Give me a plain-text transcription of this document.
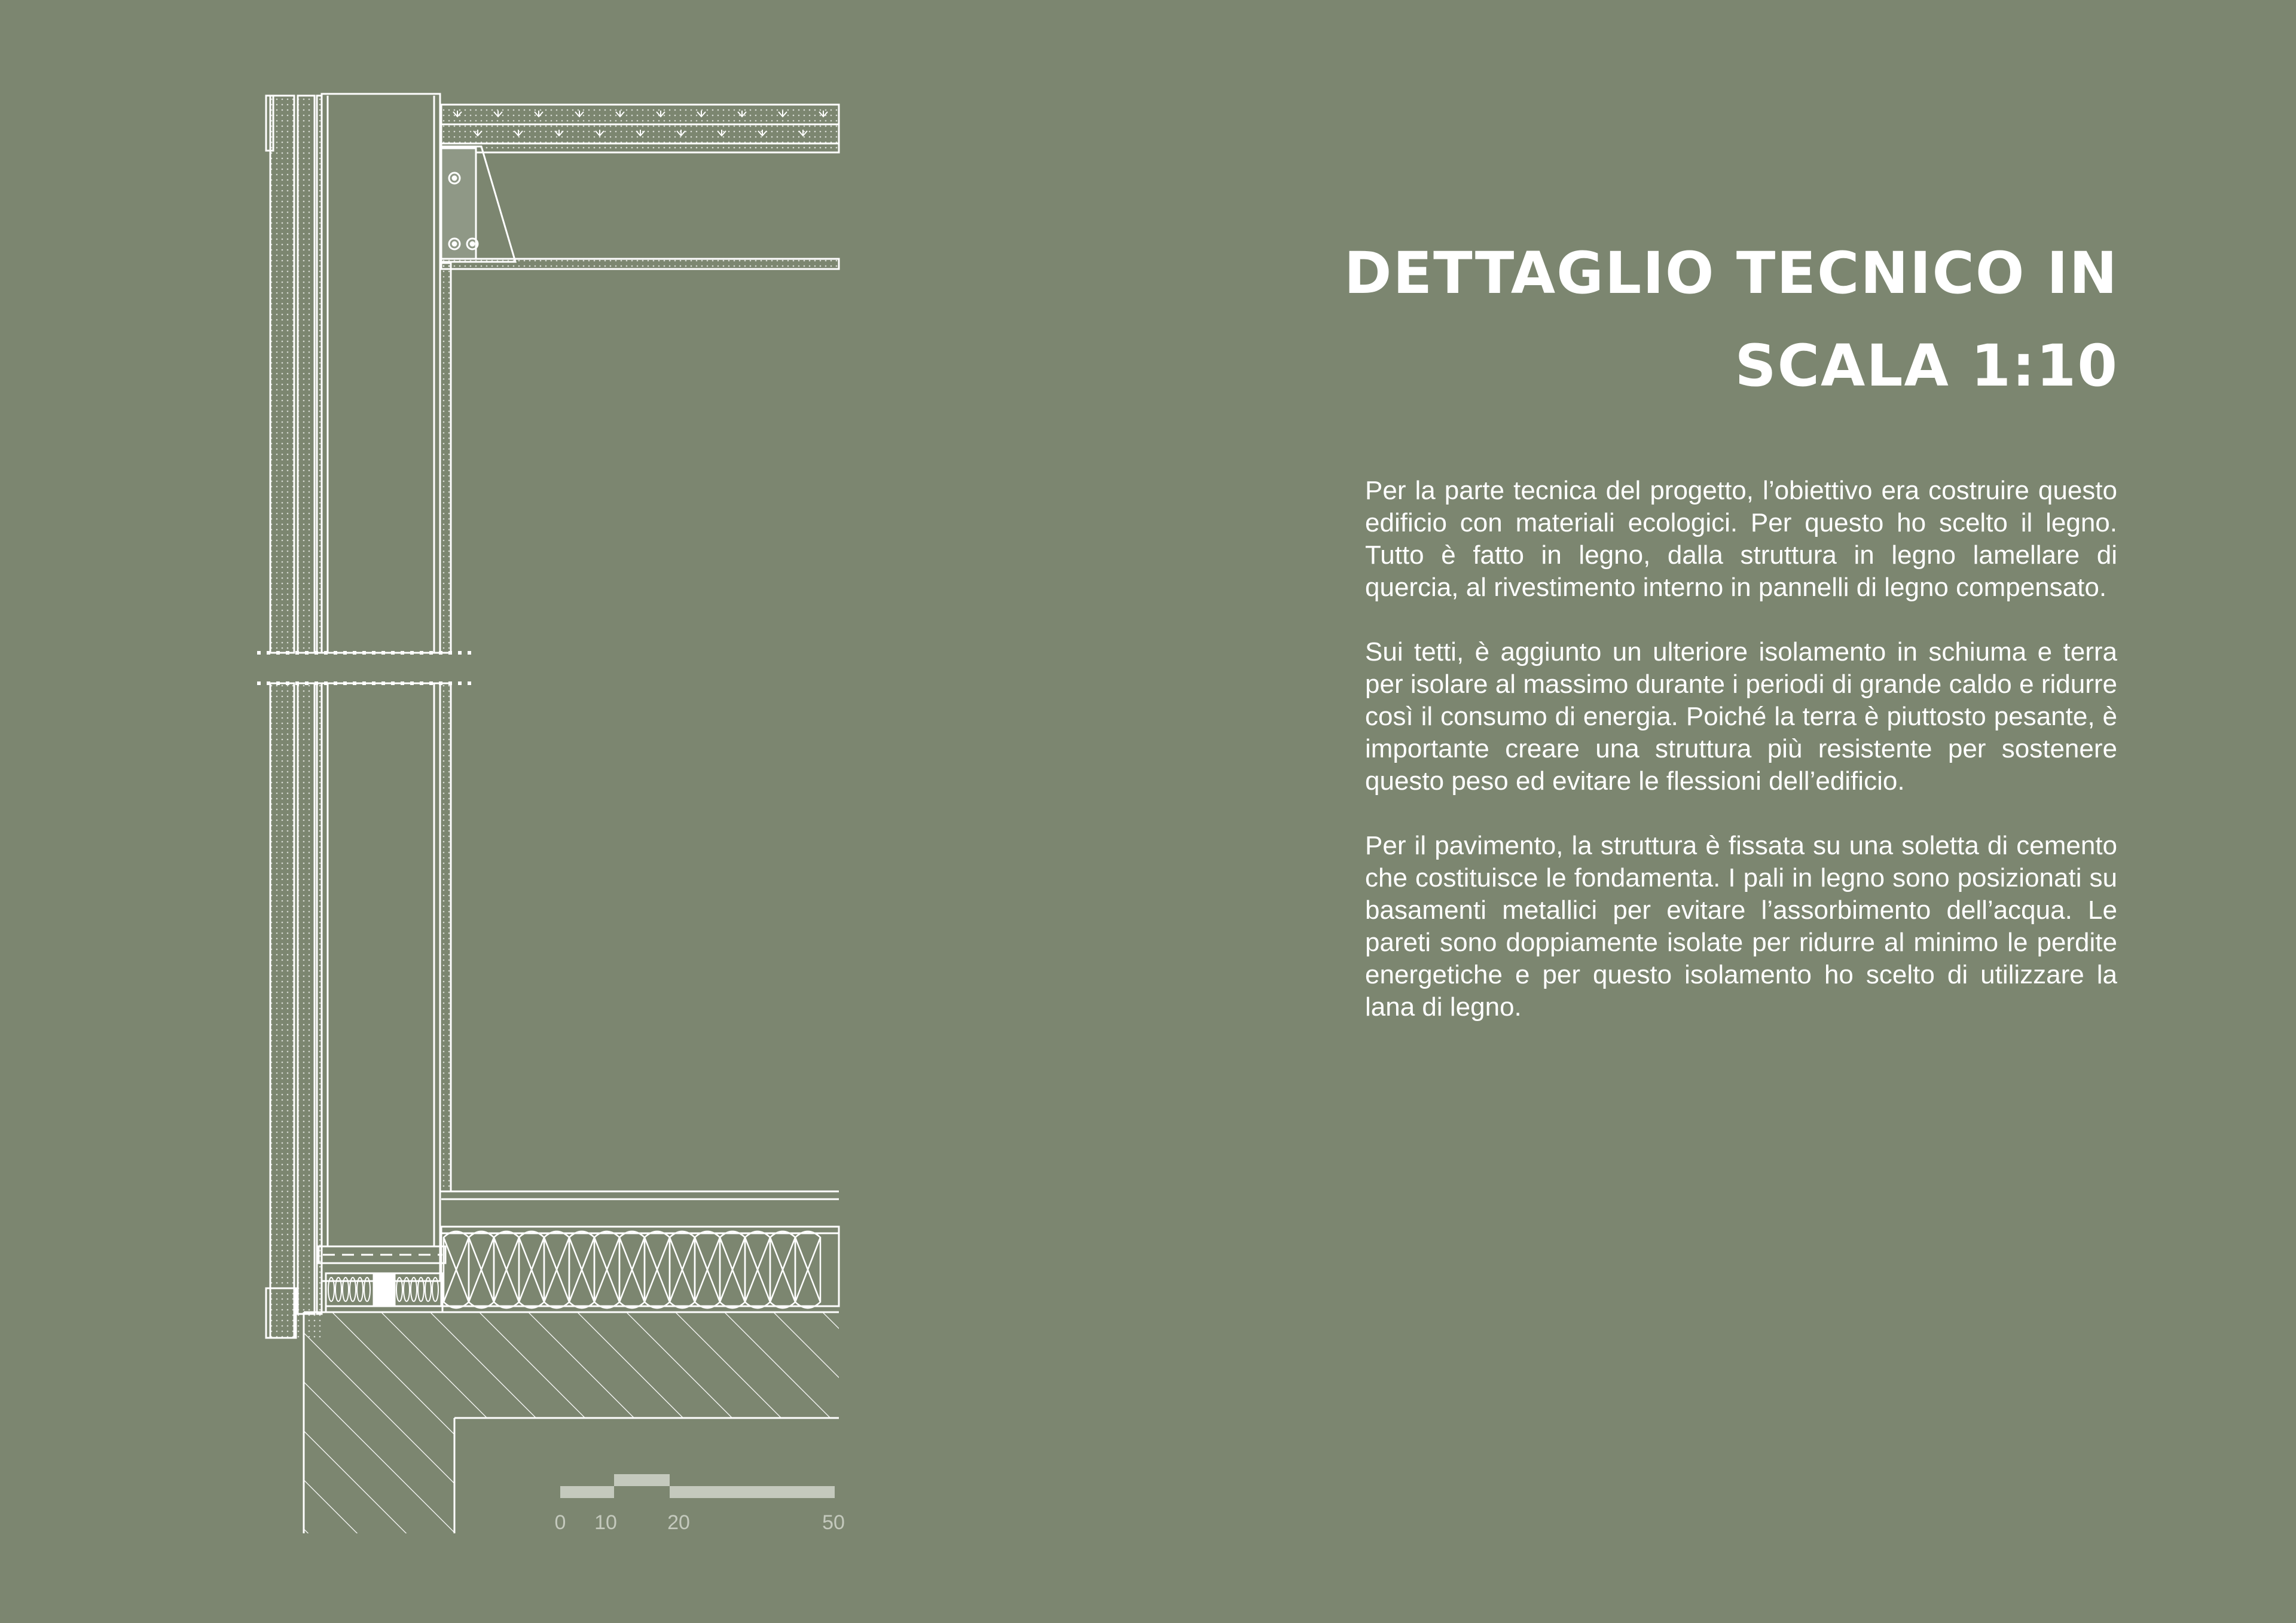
0 10 20	50
DETTAGLIO TECNICO IN
SCALA 1:10

Per la parte tecnica del progetto, l’obiettivo era costruire questo edificio con materiali ecologici. Per questo ho scelto il legno. Tutto è fatto in legno, dalla struttura in legno lamellare di quercia, al rivestimento interno in pannelli di legno compensato.

Sui tetti, è aggiunto un ulteriore isolamento in schiuma e terra per isolare al massimo durante i periodi di grande caldo e ridurre così il consumo di energia. Poiché la terra è piuttosto pesante, è importante creare una struttura più resistente per sostenere questo peso ed evitare le flessioni dell’edificio.

Per il pavimento, la struttura è fissata su una soletta di cemento che costituisce le fondamenta. I pali in legno sono posizionati su basamenti metallici per evitare l’assorbimento dell’acqua. Le pareti sono doppiamente isolate per ridurre al minimo le perdite energetiche e per questo isolamento ho scelto di utilizzare la lana di legno.
